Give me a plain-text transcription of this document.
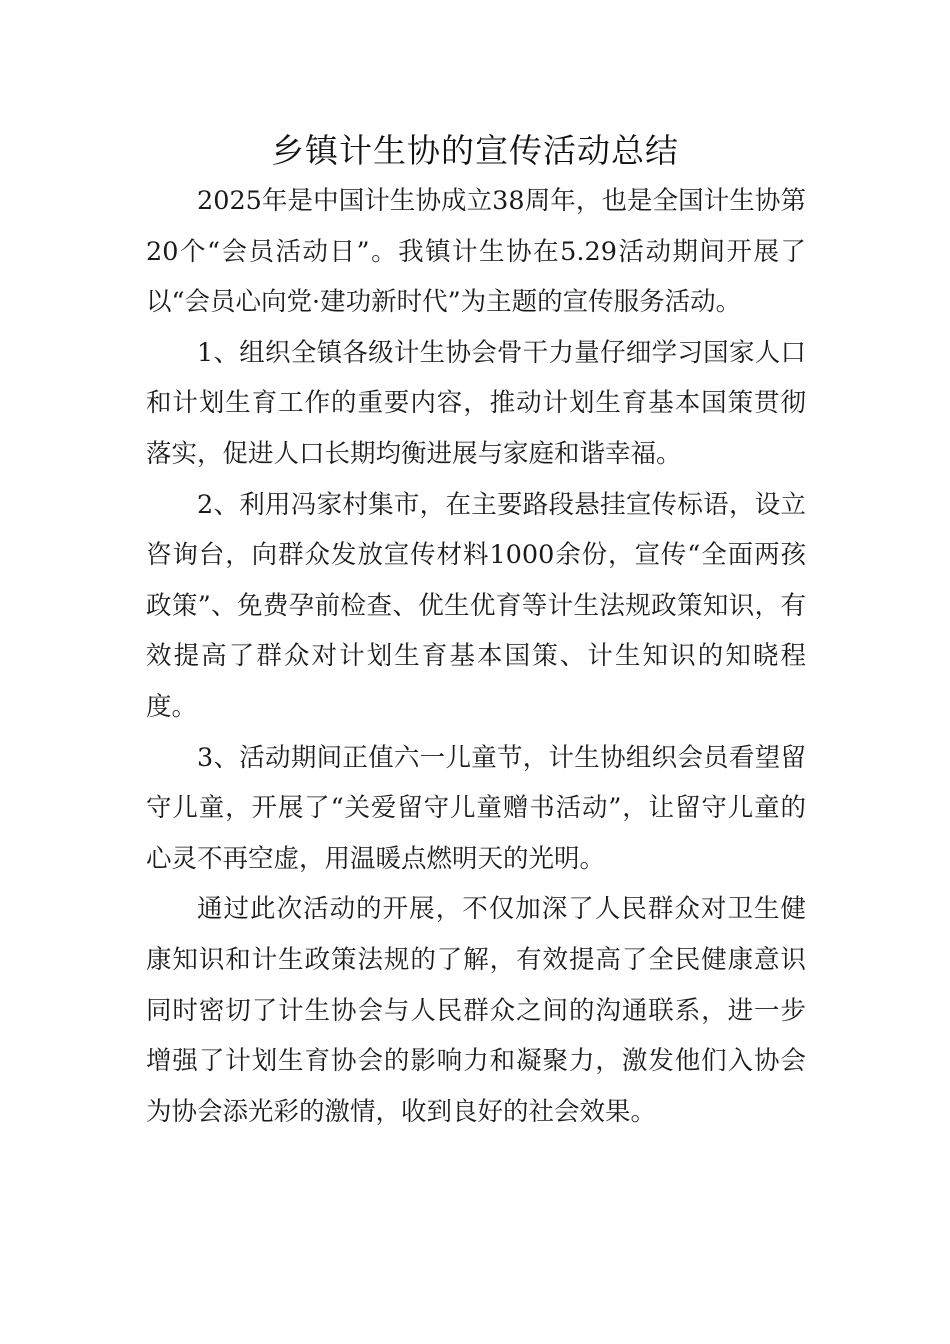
乡镇计生协的宣传活动总结

2025年是中国计生协成立38周年，也是全国计生协第20个“会员活动日”。我镇计生协在5.29活动期间开展了以“会员心向党·建功新时代”为主题的宣传服务活动。

1、组织全镇各级计生协会骨干力量仔细学习国家人口和计划生育工作的重要内容，推动计划生育基本国策贯彻落实，促进人口长期均衡进展与家庭和谐幸福。

2、利用冯家村集市，在主要路段悬挂宣传标语，设立咨询台，向群众发放宣传材料1000余份，宣传“全面两孩政策”、免费孕前检查、优生优育等计生法规政策知识，有效提高了群众对计划生育基本国策、计生知识的知晓程度。

3、活动期间正值六一儿童节，计生协组织会员看望留守儿童，开展了“关爱留守儿童赠书活动”，让留守儿童的心灵不再空虚，用温暖点燃明天的光明。

通过此次活动的开展，不仅加深了人民群众对卫生健康知识和计生政策法规的了解，有效提高了全民健康意识同时密切了计生协会与人民群众之间的沟通联系，进一步增强了计划生育协会的影响力和凝聚力，激发他们入协会为协会添光彩的激情，收到良好的社会效果。
